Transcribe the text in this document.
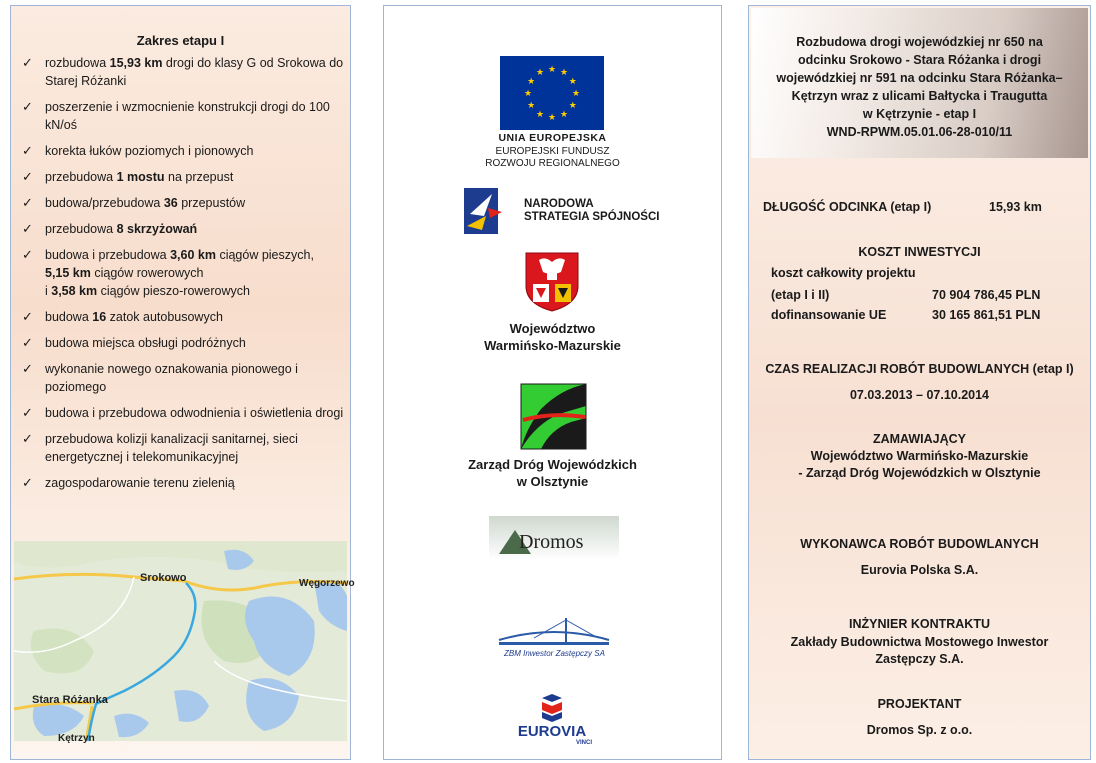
Zakres etapu I
✓ rozbudowa 15,93 km drogi do klasy G od Srokowa do Starej Różanki
✓ poszerzenie i wzmocnienie konstrukcji drogi do 100 kN/oś
✓ korekta łuków poziomych i pionowych
✓ przebudowa 1 mostu na przepust
✓ budowa/przebudowa 36 przepustów
✓ przebudowa 8 skrzyżowań
✓ budowa i przebudowa 3,60 km ciągów pieszych,
5,15 km ciągów rowerowych
i 3,58 km ciągów pieszo-rowerowych
✓ budowa 16 zatok autobusowych
✓ budowa miejsca obsługi podróżnych
✓ wykonanie nowego oznakowania pionowego i poziomego
✓ budowa i przebudowa odwodnienia i oświetlenia drogi
✓ przebudowa kolizji kanalizacji sanitarnej, sieci energetycznej i telekomunikacyjnej
✓ zagospodarowanie terenu zielenią
Srokowo	Węgorzewo
Stara Różanka
Kętrzyn
★ ★
★
★
★
★
★
★
★
★
★
★
UNIA EUROPEJSKA
EUROPEJSKI FUNDUSZ
ROZWOJU REGIONALNEGO
NARODOWA
STRATEGIA SPÓJNOŚCI
Województwo
Warmińsko-Mazurskie
Zarząd Dróg Wojewódzkich
w Olsztynie
Dromos
ZBM Inwestor Zastępczy SA
EUROVIA
VINCI
Rozbudowa drogi wojewódzkiej nr 650 na
odcinku Srokowo - Stara Różanka i drogi
wojewódzkiej nr 591 na odcinku Stara Różanka–
Kętrzyn wraz z ulicami Bałtycka i Traugutta
w Kętrzynie - etap I
WND-RPWM.05.01.06-28-010/11
DŁUGOŚĆ ODCINKA (etap I)	15,93 km
KOSZT INWESTYCJI
koszt całkowity projektu
(etap I i II)	70 904 786,45 PLN
dofinansowanie UE	30 165 861,51 PLN
CZAS REALIZACJI ROBÓT BUDOWLANYCH (etap I)
07.03.2013 – 07.10.2014
ZAMAWIAJĄCY
Województwo Warmińsko-Mazurskie
- Zarząd Dróg Wojewódzkich w Olsztynie
WYKONAWCA ROBÓT BUDOWLANYCH
Eurovia Polska S.A.
INŻYNIER KONTRAKTU
Zakłady Budownictwa Mostowego Inwestor
Zastępczy S.A.
PROJEKTANT
Dromos Sp. z o.o.
